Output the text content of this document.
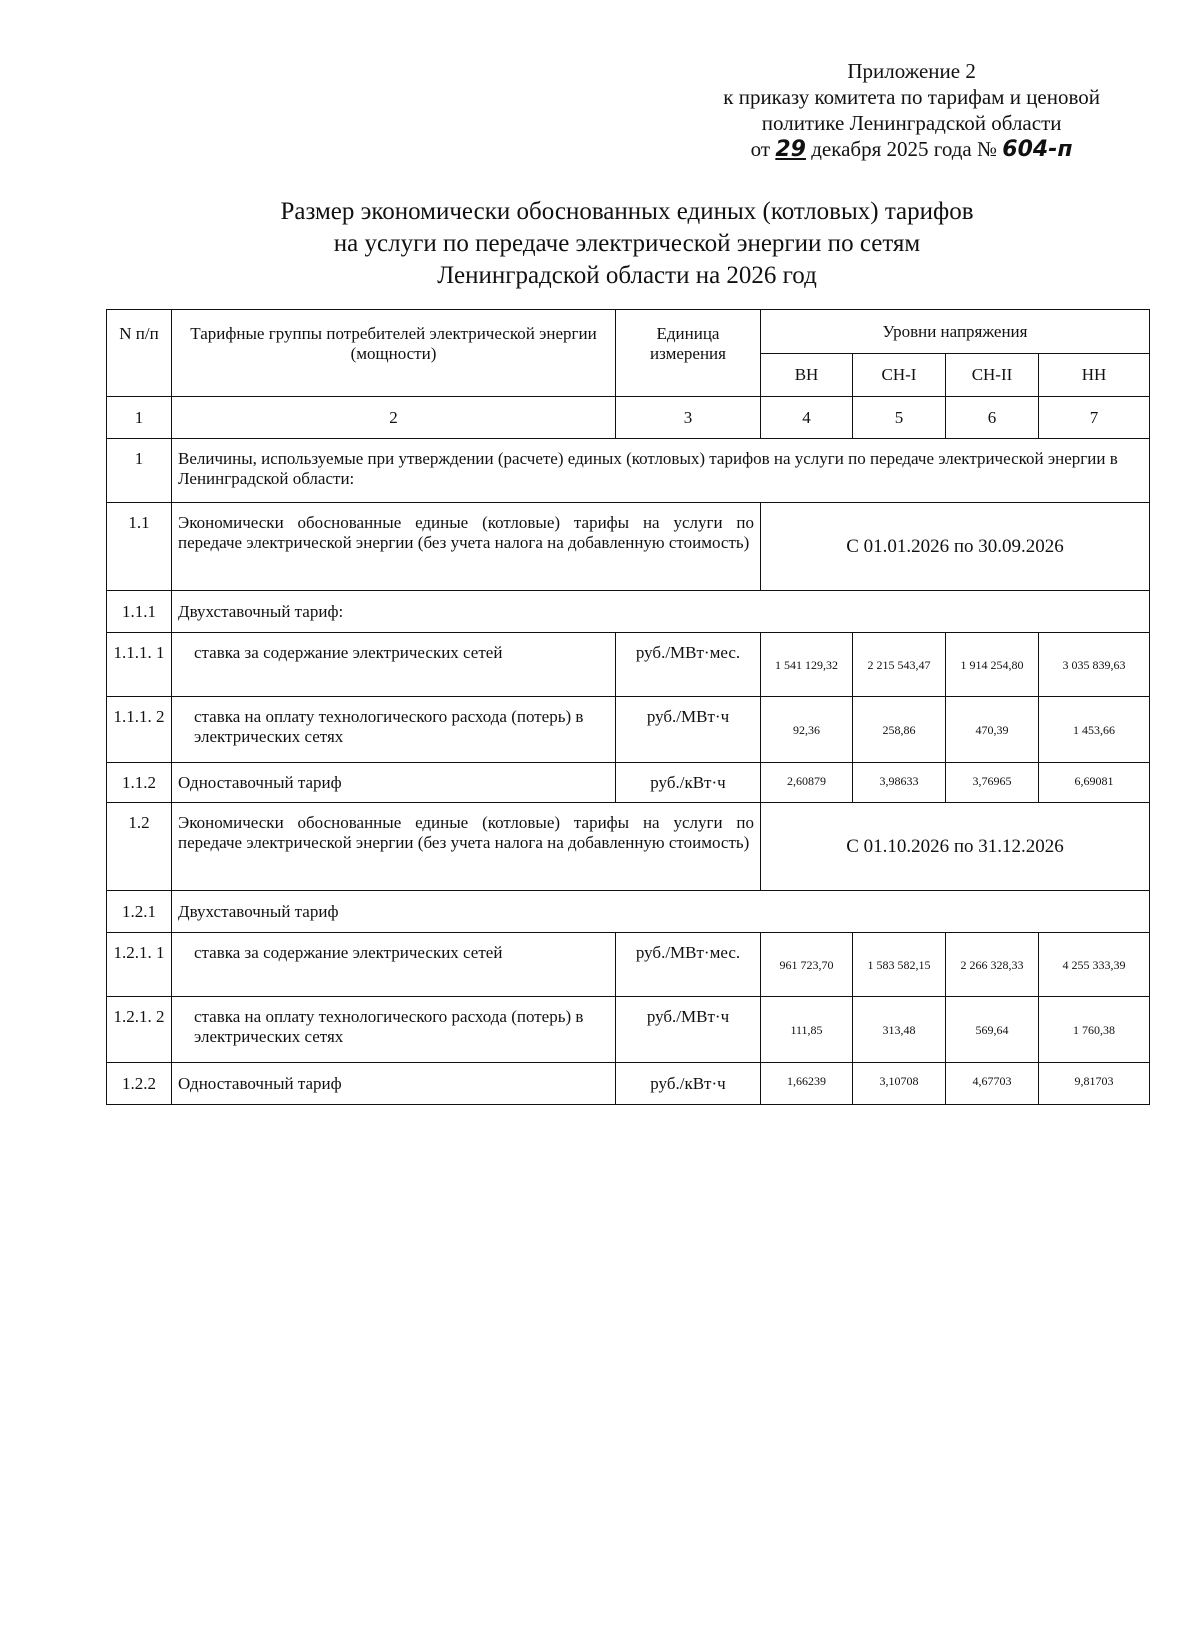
Приложение 2
к приказу комитета по тарифам и ценовой
политике Ленинградской области
от 29 декабря 2025 года № 604-п
Размер экономически обоснованных единых (котловых) тарифов
на услуги по передаче электрической энергии по сетям
Ленинградской области на 2026 год
N п/п	Тарифные группы потребителей электрической энергии (мощности)	Единица измерения	Уровни напряжения			
			ВН	СН-I	СН-II	НН
1	2	3	4	5	6	7
1	Величины, используемые при утверждении (расчете) единых (котловых) тарифов на услуги по передаче электрической энергии в Ленинградской области:					
1.1	Экономически обоснованные единые (котловые) тарифы на услуги по передаче электрической энергии (без учета налога на добавленную стоимость)		С 01.01.2026 по 30.09.2026			
1.1.1	Двухставочный тариф:					
1.1.1. 1	ставка за содержание электрических сетей	руб./МВт·мес.	1 541 129,32	2 215 543,47	1 914 254,80	3 035 839,63
1.1.1. 2	ставка на оплату технологического расхода (потерь) в электрических сетях	руб./МВт·ч	92,36	258,86	470,39	1 453,66
1.1.2	Одноставочный тариф	руб./кВт·ч	2,60879	3,98633	3,76965	6,69081
1.2	Экономически обоснованные единые (котловые) тарифы на услуги по передаче электрической энергии (без учета налога на добавленную стоимость)		С 01.10.2026 по 31.12.2026			
1.2.1	Двухставочный тариф					
1.2.1. 1	ставка за содержание электрических сетей	руб./МВт·мес.	961 723,70	1 583 582,15	2 266 328,33	4 255 333,39
1.2.1. 2	ставка на оплату технологического расхода (потерь) в электрических сетях	руб./МВт·ч	111,85	313,48	569,64	1 760,38
1.2.2	Одноставочный тариф	руб./кВт·ч	1,66239	3,10708	4,67703	9,81703
